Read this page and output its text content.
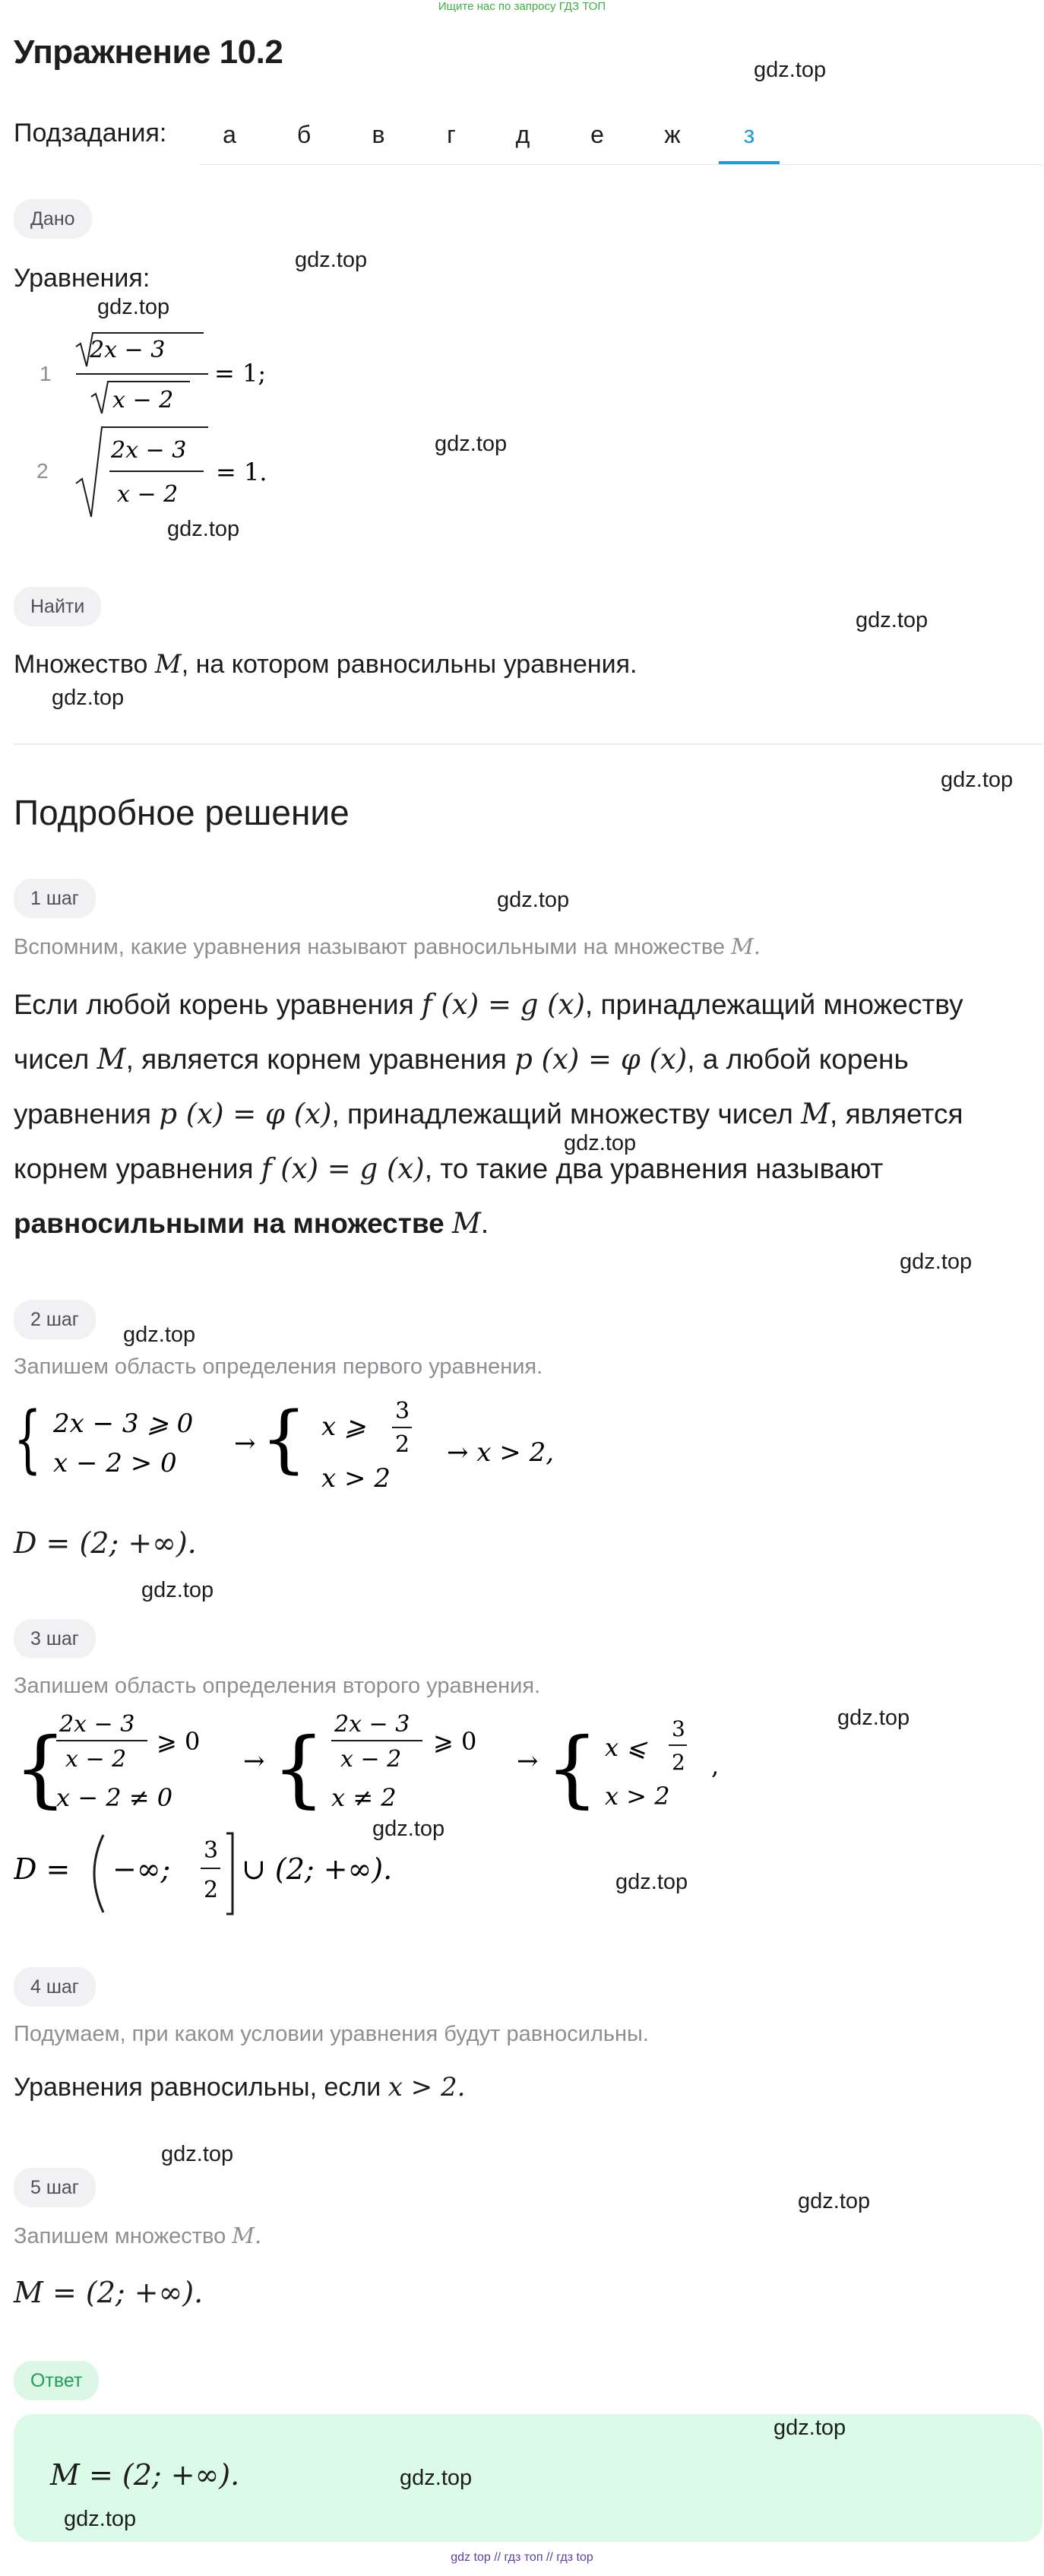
Ищите нас по запросу ГДЗ ТОП
Упражнение 10.2
Подзадания:	а	б	в	г	д	е	ж	з
Дано
Уравнения:
1
2x − 3
x − 2
= 1;
2
2x − 3
x − 2
= 1.
Найти
Множество M, на котором равносильны уравнения.
Подробное решение
1 шаг
Вспомним, какие уравнения называют равносильными на множестве M.
Если любой корень уравнения f (x) = g (x), принадлежащий множеству
чисел M, является корнем уравнения p (x) = φ (x), а любой корень
уравнения p (x) = φ (x), принадлежащий множеству чисел M, является
корнем уравнения f (x) = g (x), то такие два уравнения называют
равносильными на множестве M.
2 шаг
Запишем область определения первого уравнения.
{ 2x − 3 ⩾ 0
x − 2 > 0
→ { x ⩾
3
2
x > 2
→ x > 2,
D = (2; +∞).
3 шаг
Запишем область определения второго уравнения.
{
2x − 3
x − 2
⩾ 0
x − 2 ≠ 0
→ { 2x − 3
x − 2
⩾ 0
x ≠ 2
→ { x ⩽
3
2
x > 2
,
D = −∞;
3
2
∪ (2; +∞).
4 шаг
Подумаем, при каком условии уравнения будут равносильны.
Уравнения равносильны, если x > 2.
5 шаг
Запишем множество M.
M = (2; +∞).
Ответ
M = (2; +∞).
gdz.top
gdz.top
gdz.top
gdz.top
gdz.top
gdz.top
gdz.top
gdz.top
gdz.top
gdz.top
gdz.top
gdz.top
gdz.top
gdz.top
gdz.top
gdz.top
gdz.top
gdz.top
gdz.top
gdz.top
gdz.top
gdz top // гдз топ // гдз top
